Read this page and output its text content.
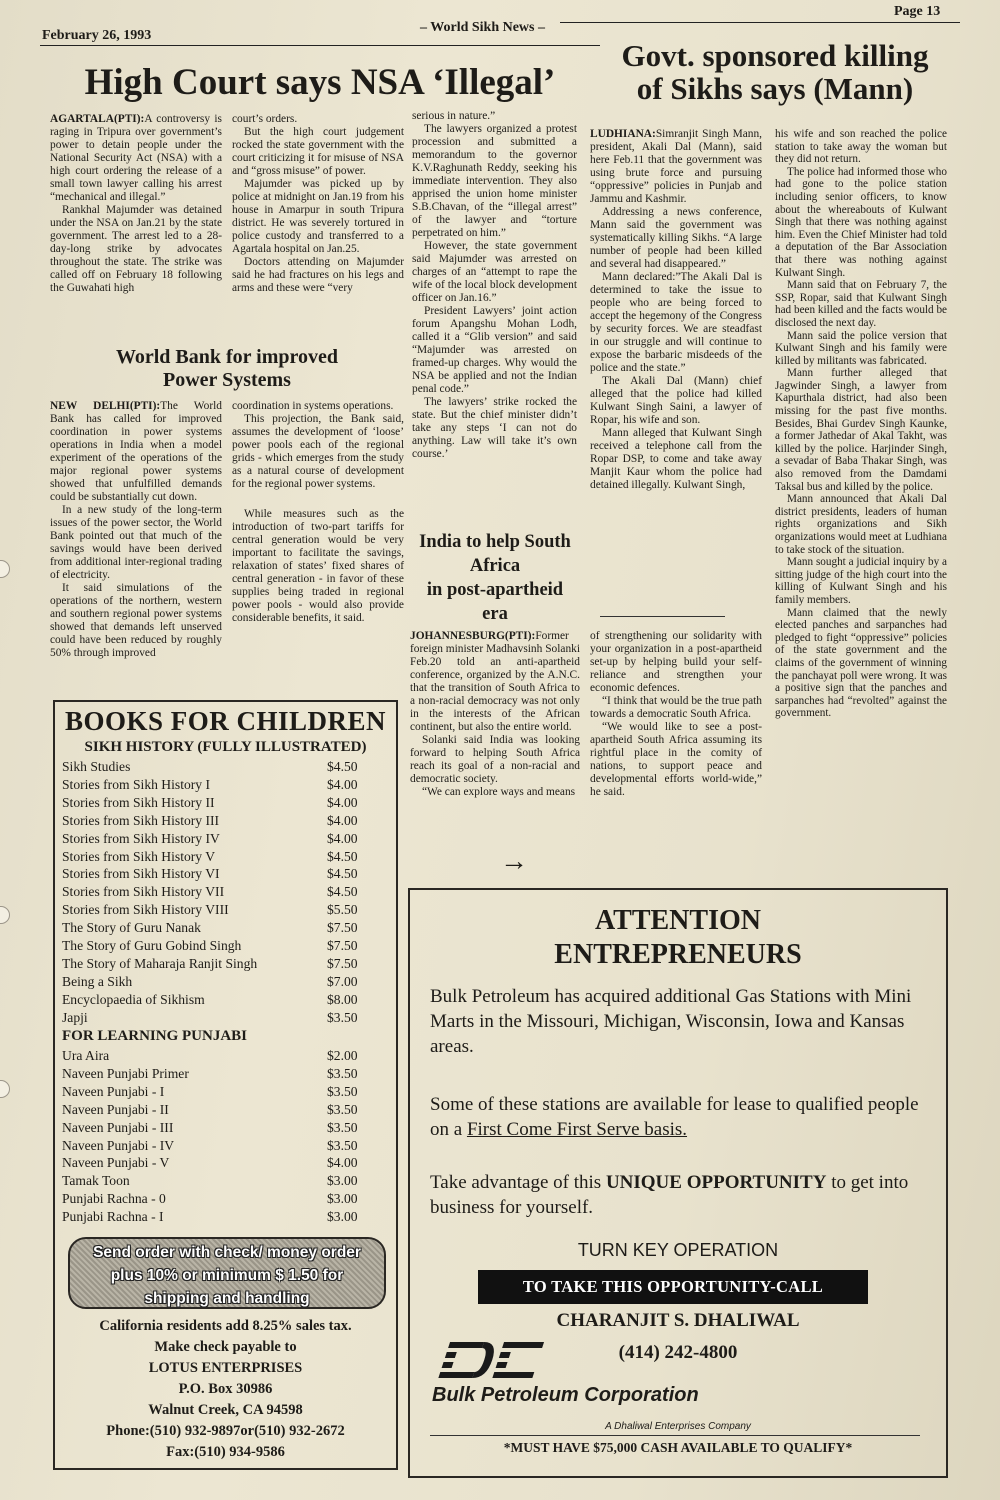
February 26, 1993
– World Sikh News –
Page 13
High Court says NSA ‘Illegal’

AGARTALA(PTI):A controversy is raging in Tripura over government’s power to detain people under the National Security Act (NSA) with a high court ordering the release of a small town lawyer calling his arrest “mechanical and illegal.”

Rankhal Majumder was detained under the NSA on Jan.21 by the state government. The arrest led to a 28-day-long strike by advocates throughout the state. The strike was called off on February 18 following the Guwahati high

court’s orders.

But the high court judgement rocked the state government with the court criticizing it for misuse of NSA and “gross misuse” of power.

Majumder was picked up by police at midnight on Jan.19 from his house in Amarpur in south Tripura district. He was severely tortured in police custody and transferred to a Agartala hospital on Jan.25.

Doctors attending on Majumder said he had fractures on his legs and arms and these were “very

serious in nature.”

The lawyers organized a protest procession and submitted a memorandum to the governor K.V.Raghunath Reddy, seeking his immediate intervention. They also apprised the union home minister S.B.Chavan, of the “illegal arrest” of the lawyer and “torture perpetrated on him.”

However, the state government said Majumder was arrested on charges of an “attempt to rape the wife of the local block development officer on Jan.16.”

President Lawyers’ joint action forum Apangshu Mohan Lodh, called it a “Glib version” and said “Majumder was arrested on framed-up charges. Why would the NSA be applied and not the Indian penal code.”

The lawyers’ strike rocked the state. But the chief minister didn’t take any steps ‘I can not do anything. Law will take it’s own course.’

World Bank for improved
Power Systems

NEW DELHI(PTI):The World Bank has called for improved coordination in power systems operations in India when a model experiment of the operations of the major regional power systems showed that unfulfilled demands could be substantially cut down.

In a new study of the long-term issues of the power sector, the World Bank pointed out that much of the savings would have been derived from additional inter-regional trading of electricity.

It said simulations of the operations of the northern, western and southern regional power systems showed that demands left unserved could have been reduced by roughly 50% through improved

coordination in systems operations.

This projection, the Bank said, assumes the development of ‘loose’ power pools each of the regional grids - which emerges from the study as a natural course of development for the regional power systems.

While measures such as the introduction of two-part tariffs for central generation would be very important to facilitate the savings, relaxation of states’ fixed shares of central generation - in favor of these supplies being traded in regional power pools - would also provide considerable benefits, it said.

India to help South
Africa
in post-apartheid
era

JOHANNESBURG(PTI):Former foreign minister Madhavsinh Solanki Feb.20 told an anti-apartheid conference, organized by the A.N.C. that the transition of South Africa to a non-racial democracy was not only in the interests of the African continent, but also the entire world.

Solanki said India was looking forward to helping South Africa reach its goal of a non-racial and democratic society.

“We can explore ways and means

→

of strengthening our solidarity with your organization in a post-apartheid set-up by helping build your self-reliance and strengthen your economic defences.

“I think that would be the true path towards a democratic South Africa.

“We would like to see a post-apartheid South Africa assuming its rightful place in the comity of nations, to support peace and developmental efforts world-wide,” he said.

Govt. sponsored killing
of Sikhs says (Mann)

LUDHIANA:Simranjit Singh Mann, president, Akali Dal (Mann), said here Feb.11 that the government was using brute force and pursuing “oppressive” policies in Punjab and Jammu and Kashmir.

Addressing a news conference, Mann said the government was systematically killing Sikhs. “A large number of people had been killed and several had disappeared.”

Mann declared:”The Akali Dal is determined to take the issue to people who are being forced to accept the hegemony of the Congress by security forces. We are steadfast in our struggle and will continue to expose the barbaric misdeeds of the police and the state.”

The Akali Dal (Mann) chief alleged that the police had killed Kulwant Singh Saini, a lawyer of Ropar, his wife and son.

Mann alleged that Kulwant Singh received a telephone call from the Ropar DSP, to come and take away Manjit Kaur whom the police had detained illegally. Kulwant Singh,

his wife and son reached the police station to take away the woman but they did not return.

The police had informed those who had gone to the police station including senior officers, to know about the whereabouts of Kulwant Singh that there was nothing against him. Even the Chief Minister had told a deputation of the Bar Association that there was nothing against Kulwant Singh.

Mann said that on February 7, the SSP, Ropar, said that Kulwant Singh had been killed and the facts would be disclosed the next day.

Mann said the police version that Kulwant Singh and his family were killed by militants was fabricated.

Mann further alleged that Jagwinder Singh, a lawyer from Kapurthala district, had also been missing for the past five months. Besides, Bhai Gurdev Singh Kaunke, a former Jathedar of Akal Takht, was killed by the police. Harjinder Singh, a sevadar of Baba Thakar Singh, was also removed from the Damdami Taksal bus and killed by the police.

Mann announced that Akali Dal district presidents, leaders of human rights organizations and Sikh organizations would meet at Ludhiana to take stock of the situation.

Mann sought a judicial inquiry by a sitting judge of the high court into the killing of Kulwant Singh and his family members.

Mann claimed that the newly elected panches and sarpanches had pledged to fight “oppressive” policies of the state government and the claims of the government of winning the panchayat poll were wrong. It was a positive sign that the panches and sarpanches had “revolted” against the government.

BOOKS FOR CHILDREN
SIKH HISTORY (FULLY ILLUSTRATED)
Sikh Studies	$4.50
Stories from Sikh History I	$4.00
Stories from Sikh History II	$4.00
Stories from Sikh History III	$4.00
Stories from Sikh History IV	$4.00
Stories from Sikh History V	$4.50
Stories from Sikh History VI	$4.50
Stories from Sikh History VII	$4.50
Stories from Sikh History VIII	$5.50
The Story of Guru Nanak	$7.50
The Story of Guru Gobind Singh	$7.50
The Story of Maharaja Ranjit Singh	$7.50
Being a Sikh	$7.00
Encyclopaedia of Sikhism	$8.00
Japji	$3.50
FOR LEARNING PUNJABI
Ura Aira	$2.00
Naveen Punjabi Primer	$3.50
Naveen Punjabi - I	$3.50
Naveen Punjabi - II	$3.50
Naveen Punjabi - III	$3.50
Naveen Punjabi - IV	$3.50
Naveen Punjabi - V	$4.00
Tamak Toon	$3.00
Punjabi Rachna - 0	$3.00
Punjabi Rachna - I	$3.00
Send order with check/ money order
plus 10% or minimum $ 1.50 for
shipping and handling
California residents add 8.25% sales tax.
Make check payable to
LOTUS ENTERPRISES
P.O. Box 30986
Walnut Creek, CA 94598
Phone:(510) 932-9897or(510) 932-2672
Fax:(510) 934-9586
ATTENTION
ENTREPRENEURS
Bulk Petroleum has acquired additional Gas Stations with Mini Marts in the Missouri, Michigan, Wisconsin, Iowa and Kansas areas.
Some of these stations are available for lease to qualified people on a First Come First Serve basis.
Take advantage of this UNIQUE OPPORTUNITY to get into business for yourself.
TURN KEY OPERATION
TO TAKE THIS OPPORTUNITY-CALL
CHARANJIT S. DHALIWAL
(414) 242-4800
Bulk Petroleum Corporation
A Dhaliwal Enterprises Company
*MUST HAVE $75,000 CASH AVAILABLE TO QUALIFY*
